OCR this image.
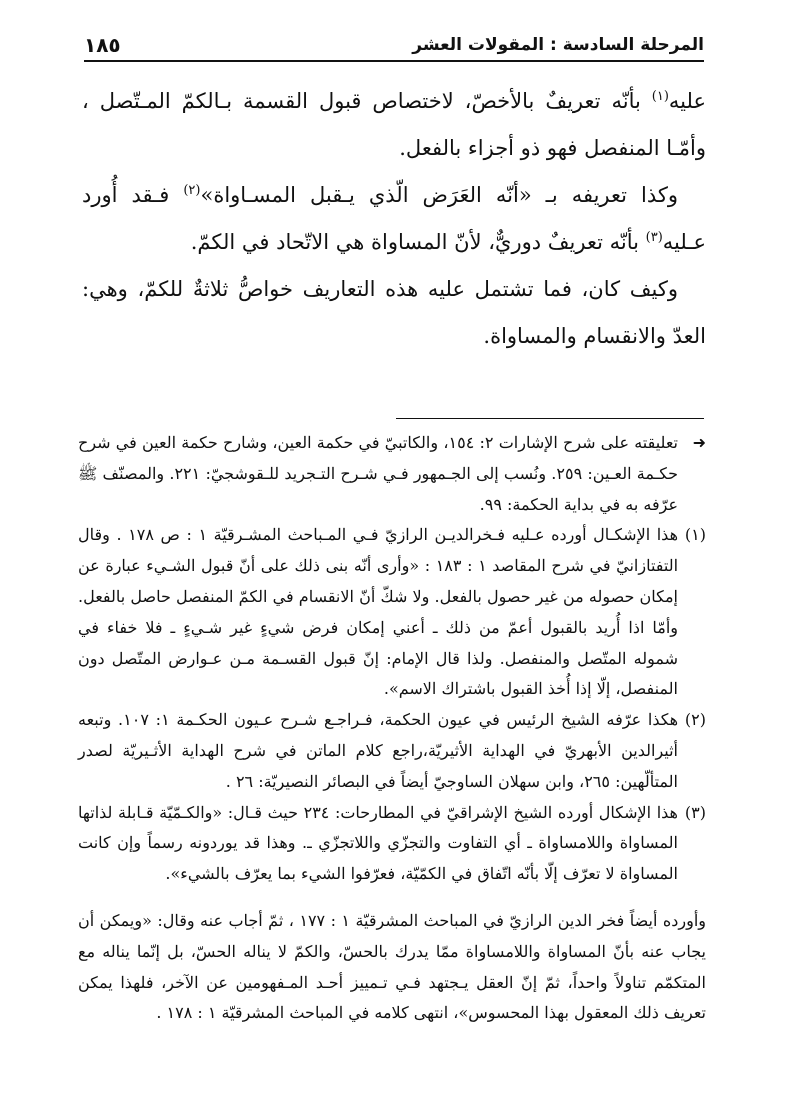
المرحلة السادسة : المقولات العشر
١٨٥

عليه$^{(١)}$ بأنّه تعريفٌ بالأخصّ، لاختصاص قبول القسمة بـالكمّ المـتّصل ، وأمّـا المنفصل فهو ذو أجزاء بالفعل.

وكذا تعريفه بـ «أنّه العَرَض الّذي يـقبل المسـاواة»$^{(٢)}$ فـقد أُورد عـليه$^{(٣)}$ بأنّه تعريفٌ دوريٌّ، لأنّ المساواة هي الاتّحاد في الكمّ.

وكيف كان، فما تشتمل عليه هذه التعاريف خواصُّ ثلاثةٌ للكمّ، وهي: العدّ والانقسام والمساواة.

➜

تعليقته على شرح الإشارات ٢: ١٥٤، والكاتبيّ في حكمة العين، وشارح حكمة العين في شرح حكـمة العـين: ٢٥٩. ونُسب إلى الجـمهور فـي شـرح التـجريد للـقوشجيّ: ٢٢١. والمصنّف ﷺ عرّفه به في بداية الحكمة: ٩٩.

(١)

هذا الإشكـال أورده عـليه فـخرالديـن الرازيّ فـي المـباحث المشـرقيّة ١ : ص ١٧٨ . وقال التفتازانيّ في شرح المقاصد ١ : ١٨٣ : «وأرى أنّه بنى ذلك على أنّ قبول الشـيء عبارة عن إمكان حصوله من غير حصول بالفعل. ولا شكّ أنّ الانقسام في الكمّ المنفصل حاصل بالفعل. وأمّا اذا أُريد بالقبول أعمّ من ذلك ـ أعني إمكان فرض شيءٍ غير شـيءٍ ـ فلا خفاء في شموله المتّصل والمنفصل. ولذا قال الإمام: إنّ قبول القسـمة مـن عـوارض المتّصل دون المنفصل، إلّا إذا أُخذ القبول باشتراك الاسم».

(٢)

هكذا عرّفه الشيخ الرئيس في عيون الحكمة، فـراجـع شـرح عـيون الحكـمة ١: ١٠٧. وتبعه أثيرالدين الأبهريّ في الهداية الأثيريّة،راجع كلام الماتن في شرح الهداية الأثـيريّة لصدر المتألّهين: ٢٦٥، وابن سهلان الساوجيّ أيضاً في البصائر النصيريّة: ٢٦ .

(٣)

هذا الإشكال أورده الشيخ الإشراقيّ في المطارحات: ٢٣٤ حيث قـال: «والكـمّيّة قـابلة لذاتها المساواة واللامساواة ـ أي التفاوت والتجزّي واللاتجزّي ـ. وهذا قد يوردونه رسماً وإن كانت المساواة لا تعرّف إلّا بأنّه اتّفاق في الكمّيّة، فعرّفوا الشيء بما يعرّف بالشيء».

وأورده أيضاً فخر الدين الرازيّ في المباحث المشرقيّة ١ : ١٧٧ ، ثمّ أجاب عنه وقال: «ويمكن أن يجاب عنه بأنّ المساواة واللامساواة ممّا يدرك بالحسّ، والكمّ لا يناله الحسّ، بل إنّما يناله مع المتكمّم تناولاً واحداً، ثمّ إنّ العقل يـجتهد فـي تـمييز أحـد المـفهومين عن الآخر، فلهذا يمكن تعريف ذلك المعقول بهذا المحسوس»، انتهى كلامه في المباحث المشرقيّة ١ : ١٧٨ .
